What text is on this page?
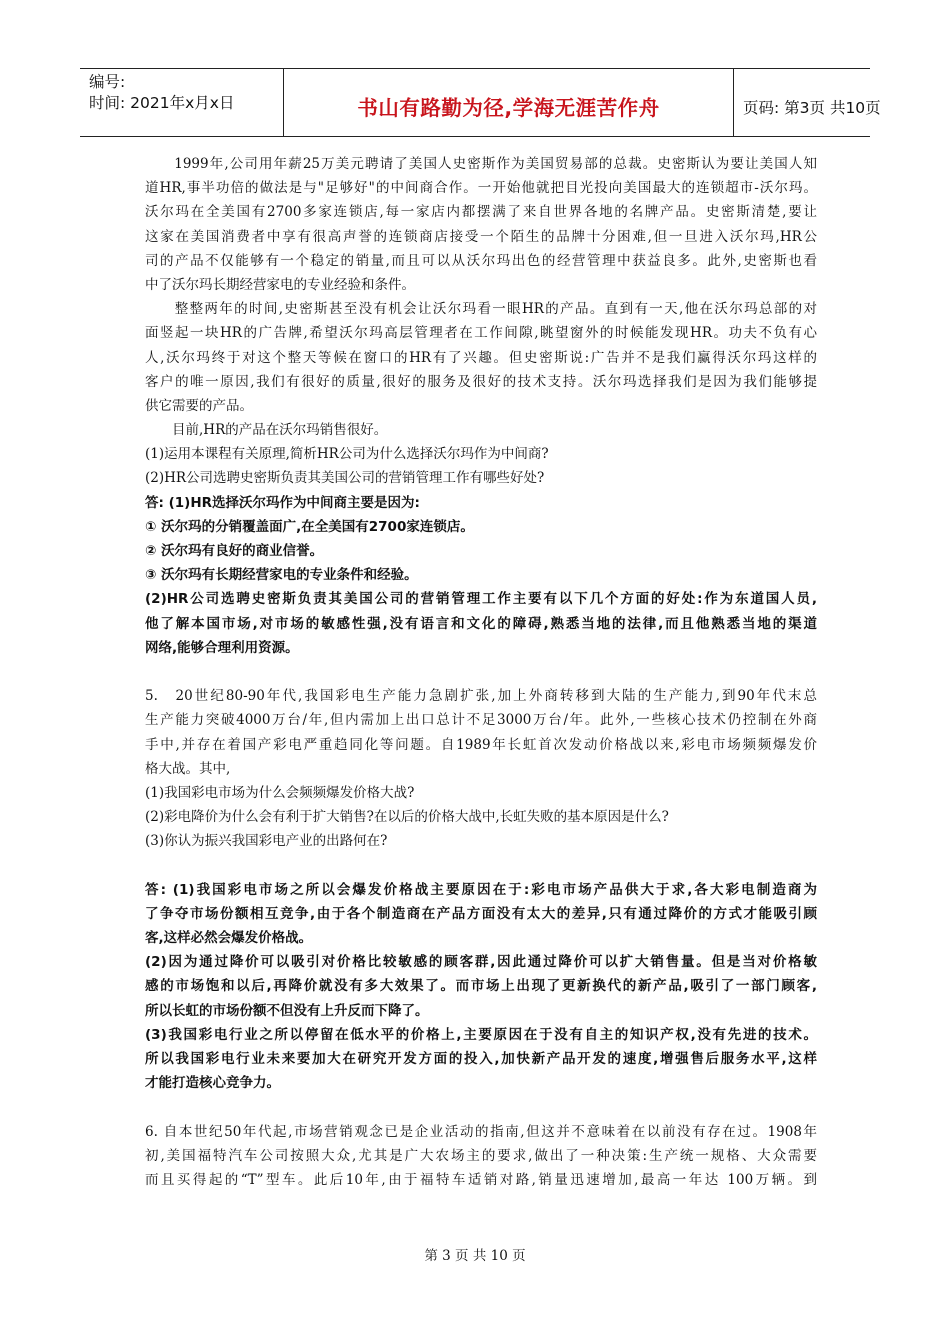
编号:
时间: 2021年x月x日	书山有路勤为径,学海无涯苦作舟	页码: 第3页 共10页
　　1999年,公司用年薪25万美元聘请了美国人史密斯作为美国贸易部的总裁。史密斯认为要让美国人知
道HR,事半功倍的做法是与"足够好"的中间商合作。一开始他就把目光投向美国最大的连锁超市-沃尔玛。
沃尔玛在全美国有2700多家连锁店,每一家店内都摆满了来自世界各地的名牌产品。史密斯清楚,要让
这家在美国消费者中享有很高声誉的连锁商店接受一个陌生的品牌十分困难,但一旦进入沃尔玛,HR公
司的产品不仅能够有一个稳定的销量,而且可以从沃尔玛出色的经营管理中获益良多。此外,史密斯也看
中了沃尔玛长期经营家电的专业经验和条件。
　　整整两年的时间,史密斯甚至没有机会让沃尔玛看一眼HR的产品。直到有一天,他在沃尔玛总部的对
面竖起一块HR的广告牌,希望沃尔玛高层管理者在工作间隙,眺望窗外的时候能发现HR。功夫不负有心
人,沃尔玛终于对这个整天等候在窗口的HR有了兴趣。但史密斯说:广告并不是我们赢得沃尔玛这样的
客户的唯一原因,我们有很好的质量,很好的服务及很好的技术支持。沃尔玛选择我们是因为我们能够提
供它需要的产品。
　　目前,HR的产品在沃尔玛销售很好。
(1)运用本课程有关原理,简析HR公司为什么选择沃尔玛作为中间商?
(2)HR公司选聘史密斯负责其美国公司的营销管理工作有哪些好处?
答: (1)HR选择沃尔玛作为中间商主要是因为:
① 沃尔玛的分销覆盖面广,在全美国有2700家连锁店。
② 沃尔玛有良好的商业信誉。
③ 沃尔玛有长期经营家电的专业条件和经验。
(2)HR公司选聘史密斯负责其美国公司的营销管理工作主要有以下几个方面的好处:作为东道国人员,
他了解本国市场,对市场的敏感性强,没有语言和文化的障碍,熟悉当地的法律,而且他熟悉当地的渠道
网络,能够合理利用资源。
5.　20世纪80-90年代,我国彩电生产能力急剧扩张,加上外商转移到大陆的生产能力,到90年代末总
生产能力突破4000万台/年,但内需加上出口总计不足3000万台/年。此外,一些核心技术仍控制在外商
手中,并存在着国产彩电严重趋同化等问题。自1989年长虹首次发动价格战以来,彩电市场频频爆发价
格大战。其中,
(1)我国彩电市场为什么会频频爆发价格大战?
(2)彩电降价为什么会有利于扩大销售?在以后的价格大战中,长虹失败的基本原因是什么?
(3)你认为振兴我国彩电产业的出路何在?
答: (1)我国彩电市场之所以会爆发价格战主要原因在于:彩电市场产品供大于求,各大彩电制造商为
了争夺市场份额相互竞争,由于各个制造商在产品方面没有太大的差异,只有通过降价的方式才能吸引顾
客,这样必然会爆发价格战。
(2)因为通过降价可以吸引对价格比较敏感的顾客群,因此通过降价可以扩大销售量。但是当对价格敏
感的市场饱和以后,再降价就没有多大效果了。而市场上出现了更新换代的新产品,吸引了一部门顾客,
所以长虹的市场份额不但没有上升反而下降了。
(3)我国彩电行业之所以停留在低水平的价格上,主要原因在于没有自主的知识产权,没有先进的技术。
所以我国彩电行业未来要加大在研究开发方面的投入,加快新产品开发的速度,增强售后服务水平,这样
才能打造核心竞争力。
6. 自本世纪50年代起,市场营销观念已是企业活动的指南,但这并不意味着在以前没有存在过。1908年
初,美国福特汽车公司按照大众,尤其是广大农场主的要求,做出了一种决策:生产统一规格、大众需要
而且买得起的“T”型车。此后10年,由于福特车适销对路,销量迅速增加,最高一年达 100万辆。到
第 3 页 共 10 页
